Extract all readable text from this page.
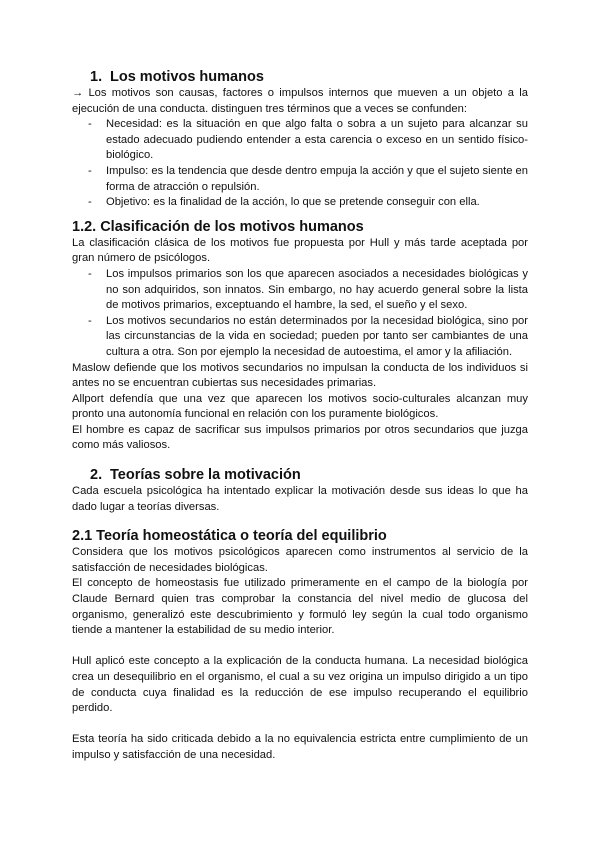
1. Los motivos humanos

→ Los motivos son causas, factores o impulsos internos que mueven a un objeto a la ejecución de una conducta. distinguen tres términos que a veces se confunden:

- Necesidad: es la situación en que algo falta o sobra a un sujeto para alcanzar su estado adecuado pudiendo entender a esta carencia o exceso en un sentido físico-biológico.
- Impulso: es la tendencia que desde dentro empuja la acción y que el sujeto siente en forma de atracción o repulsión.
- Objetivo: es la finalidad de la acción, lo que se pretende conseguir con ella.
1.2. Clasificación de los motivos humanos

La clasificación clásica de los motivos fue propuesta por Hull y más tarde aceptada por gran número de psicólogos.

- Los impulsos primarios son los que aparecen asociados a necesidades biológicas y no son adquiridos, son innatos. Sin embargo, no hay acuerdo general sobre la lista de motivos primarios, exceptuando el hambre, la sed, el sueño y el sexo.
- Los motivos secundarios no están determinados por la necesidad biológica, sino por las circunstancias de la vida en sociedad; pueden por tanto ser cambiantes de una cultura a otra. Son por ejemplo la necesidad de autoestima, el amor y la afiliación.

Maslow defiende que los motivos secundarios no impulsan la conducta de los individuos si antes no se encuentran cubiertas sus necesidades primarias.

Allport defendía que una vez que aparecen los motivos socio-culturales alcanzan muy pronto una autonomía funcional en relación con los puramente biológicos.

El hombre es capaz de sacrificar sus impulsos primarios por otros secundarios que juzga como más valiosos.

2. Teorías sobre la motivación

Cada escuela psicológica ha intentado explicar la motivación desde sus ideas lo que ha dado lugar a teorías diversas.

2.1 Teoría homeostática o teoría del equilibrio

Considera que los motivos psicológicos aparecen como instrumentos al servicio de la satisfacción de necesidades biológicas.

El concepto de homeostasis fue utilizado primeramente en el campo de la biología por Claude Bernard quien tras comprobar la constancia del nivel medio de glucosa del organismo, generalizó este descubrimiento y formuló ley según la cual todo organismo tiende a mantener la estabilidad de su medio interior.

Hull aplicó este concepto a la explicación de la conducta humana. La necesidad biológica crea un desequilibrio en el organismo, el cual a su vez origina un impulso dirigido a un tipo de conducta cuya finalidad es la reducción de ese impulso recuperando el equilibrio perdido.

Esta teoría ha sido criticada debido a la no equivalencia estricta entre cumplimiento de un impulso y satisfacción de una necesidad.
